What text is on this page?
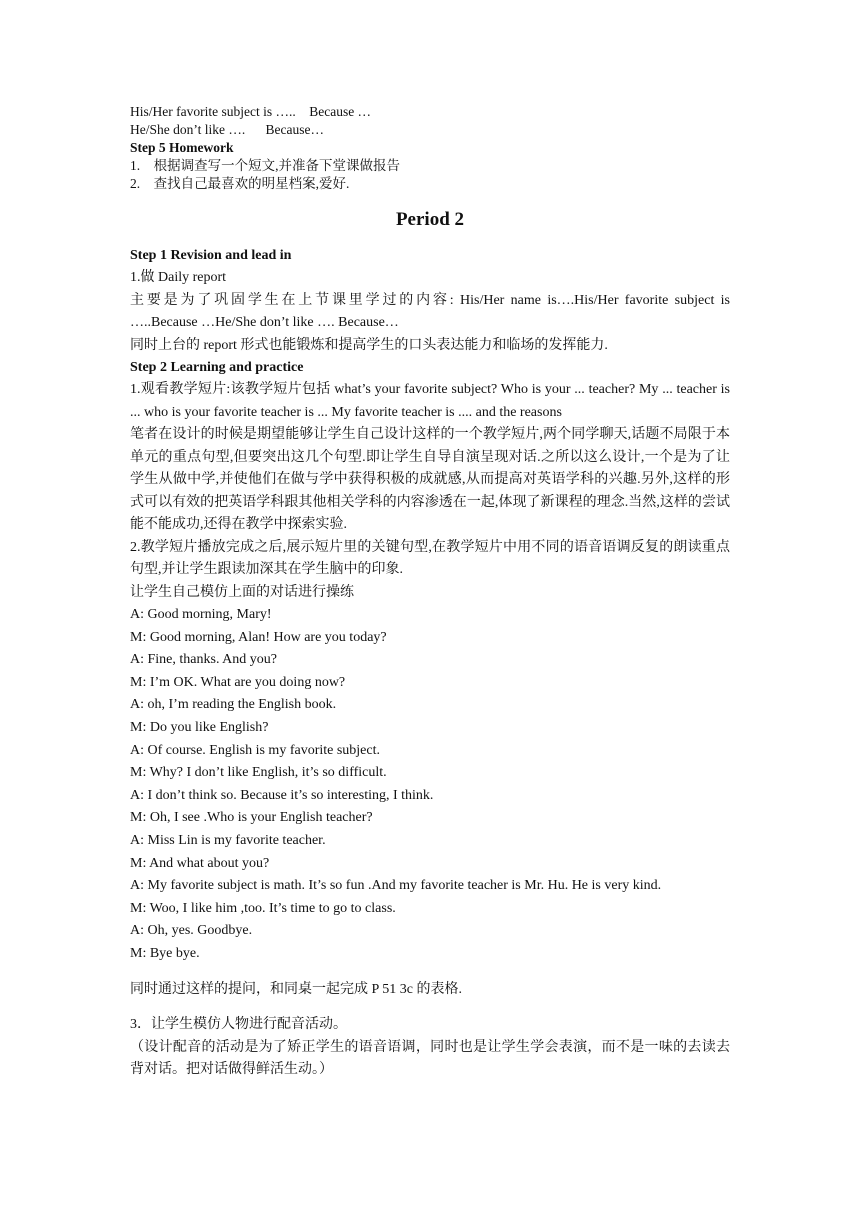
His/Her favorite subject is …..    Because …
He/She don’t like ….      Because…
Step 5 Homework
1.    根据调查写一个短文,并准备下堂课做报告
2.    查找自己最喜欢的明星档案,爱好.
Period 2
Step 1 Revision and lead in
1.做 Daily report
主要是为了巩固学生在上节课里学过的内容: His/Her name is….His/Her favorite subject is …..Because …He/She don’t like …. Because…
同时上台的 report 形式也能锻炼和提高学生的口头表达能力和临场的发挥能力.
Step 2 Learning and practice
1.观看教学短片:该教学短片包括 what’s your favorite subject? Who is your ... teacher? My ... teacher is ... who is your favorite teacher is ... My favorite teacher is .... and the reasons
笔者在设计的时候是期望能够让学生自己设计这样的一个教学短片,两个同学聊天,话题不局限于本单元的重点句型,但要突出这几个句型.即让学生自导自演呈现对话.之所以这么设计,一个是为了让学生从做中学,并使他们在做与学中获得积极的成就感,从而提高对英语学科的兴趣.另外,这样的形式可以有效的把英语学科跟其他相关学科的内容渗透在一起,体现了新课程的理念.当然,这样的尝试能不能成功,还得在教学中探索实验.
2.教学短片播放完成之后,展示短片里的关键句型,在教学短片中用不同的语音语调反复的朗读重点句型,并让学生跟读加深其在学生脑中的印象.
让学生自己模仿上面的对话进行操练
A: Good morning, Mary!
M: Good morning, Alan! How are you today?
A: Fine, thanks. And you?
M: I’m OK. What are you doing now?
A: oh, I’m reading the English book.
M: Do you like English?
A: Of course. English is my favorite subject.
M: Why? I don’t like English, it’s so difficult.
A: I don’t think so. Because it’s so interesting, I think.
M: Oh, I see .Who is your English teacher?
A: Miss Lin is my favorite teacher.
M: And what about you?
A: My favorite subject is math. It’s so fun .And my favorite teacher is Mr. Hu. He is very kind.
M: Woo, I like him ,too. It’s time to go to class.
A: Oh, yes. Goodbye.
M: Bye bye.
同时通过这样的提问，和同桌一起完成 P 51 3c 的表格.
3．让学生模仿人物进行配音活动。
（设计配音的活动是为了矫正学生的语音语调，同时也是让学生学会表演，而不是一味的去读去背对话。把对话做得鲜活生动。）
